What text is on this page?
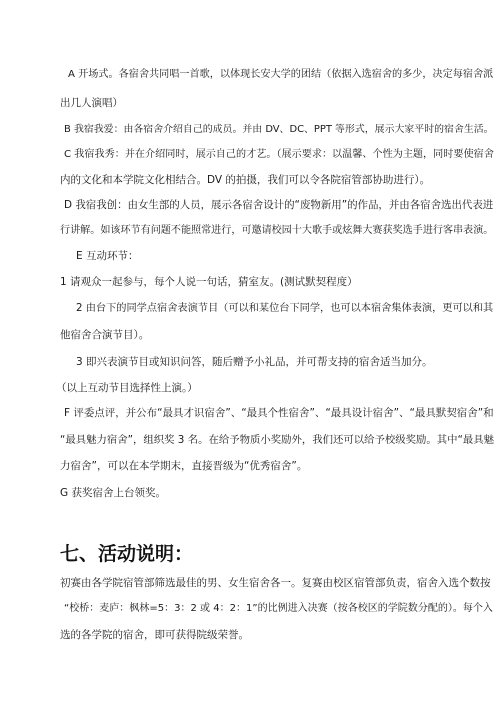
A 开场式。各宿舍共同唱一首歌，以体现长安大学的团结（依据入选宿舍的多少，决定每宿舍派
出几人演唱）
B 我宿我爱：由各宿舍介绍自己的成员。并由 DV、DC、PPT 等形式，展示大家平时的宿舍生活。
C 我宿我秀：并在介绍同时，展示自己的才艺。（展示要求：以温馨、个性为主题，同时要使宿舍
内的文化和本学院文化相结合。DV 的拍摄，我们可以令各院宿管部协助进行）。
D 我宿我创：由女生部的人员，展示各宿舍设计的“废物新用”的作品，并由各宿舍选出代表进
行讲解。如该环节有问题不能照常进行，可邀请校园十大歌手或炫舞大赛获奖选手进行客串表演。
E 互动环节：
1 请观众一起参与，每个人说一句话，猜室友。(测试默契程度）
2 由台下的同学点宿舍表演节目（可以和某位台下同学，也可以本宿舍集体表演，更可以和其
他宿舍合演节目）。
3 即兴表演节目或知识问答，随后赠予小礼品，并可帮支持的宿舍适当加分。
（以上互动节目选择性上演。）
F 评委点评，并公布“最具才识宿舍”、“最具个性宿舍”、“最具设计宿舍”、“最具默契宿舍”和
“最具魅力宿舍”，组织奖 3 名。在给予物质小奖励外，我们还可以给予校级奖励。其中“最具魅
力宿舍”，可以在本学期末，直接晋级为“优秀宿舍”。
G 获奖宿舍上台领奖。
七、活动说明：
初赛由各学院宿管部筛选最佳的男、女生宿舍各一。复赛由校区宿管部负责，宿舍入选个数按
“校桥：麦庐：枫林=5：3：2 或 4：2：1”的比例进入决赛（按各校区的学院数分配的）。每个入
选的各学院的宿舍，即可获得院级荣誉。
